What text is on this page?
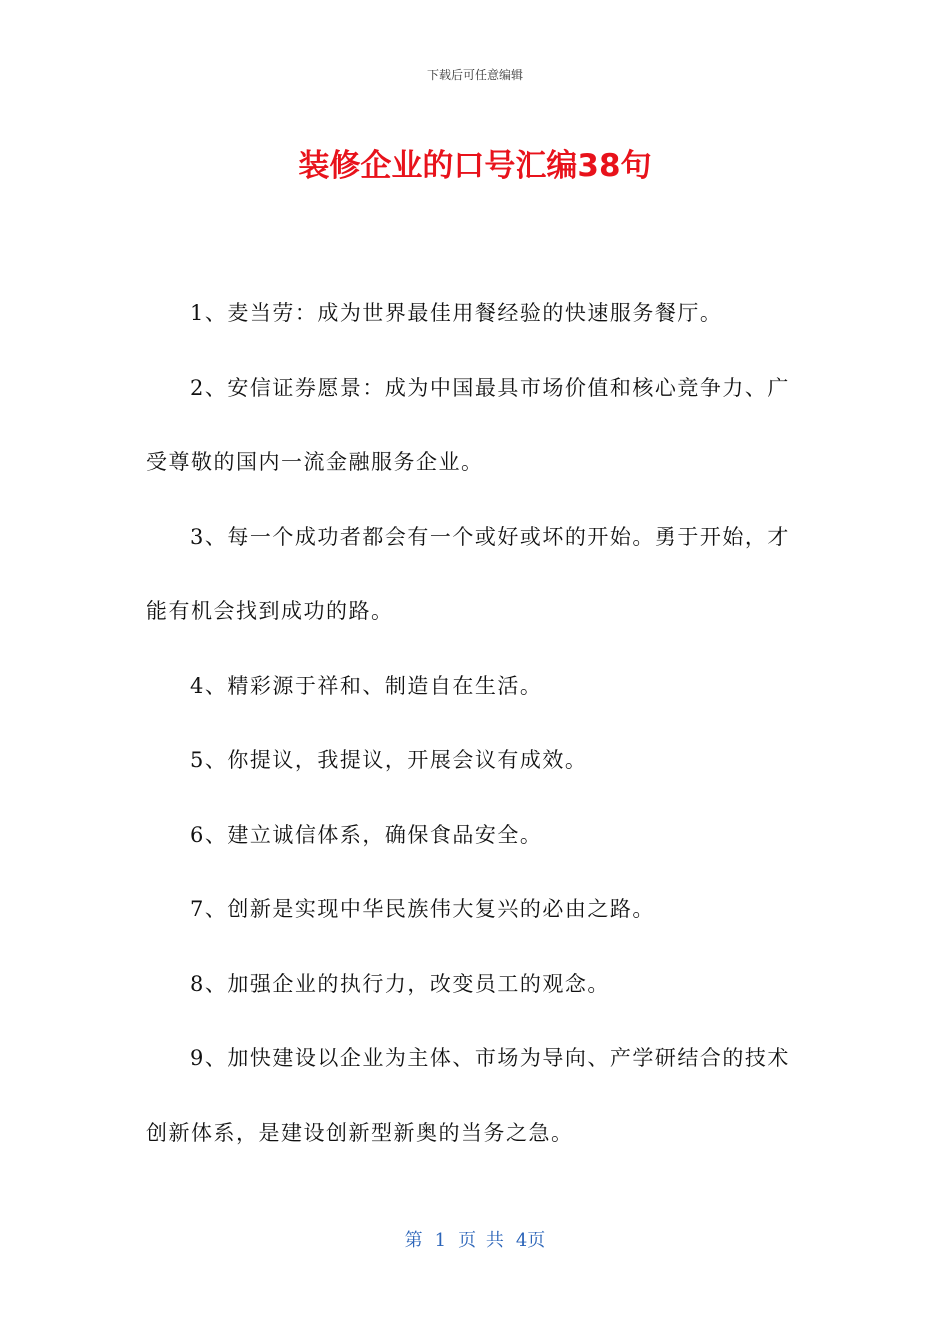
下载后可任意编辑
装修企业的口号汇编38句

1、麦当劳：成为世界最佳用餐经验的快速服务餐厅。

2、安信证券愿景：成为中国最具市场价值和核心竞争力、广受尊敬的国内一流金融服务企业。

3、每一个成功者都会有一个或好或坏的开始。勇于开始，才能有机会找到成功的路。

4、精彩源于祥和、制造自在生活。

5、你提议，我提议，开展会议有成效。

6、建立诚信体系，确保食品安全。

7、创新是实现中华民族伟大复兴的必由之路。

8、加强企业的执行力，改变员工的观念。

9、加快建设以企业为主体、市场为导向、产学研结合的技术创新体系，是建设创新型新奥的当务之急。

第 1 页 共 4页
